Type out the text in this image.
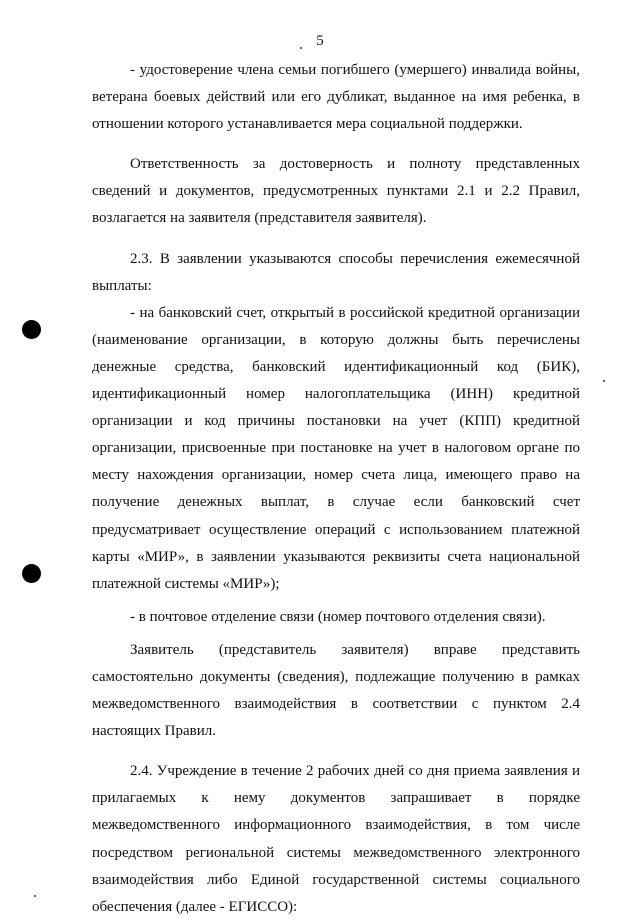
5

- удостоверение члена семьи погибшего (умершего) инвалида войны, ветерана боевых действий или его дубликат, выданное на имя ребенка, в отношении которого устанавливается мера социальной поддержки.

Ответственность за достоверность и полноту представленных сведений и документов, предусмотренных пунктами 2.1 и 2.2 Правил, возлагается на заявителя (представителя заявителя).

2.3. В заявлении указываются способы перечисления ежемесячной выплаты:

- на банковский счет, открытый в российской кредитной организации (наименование организации, в которую должны быть перечислены денежные средства, банковский идентификационный код (БИК), идентификационный номер налогоплательщика (ИНН) кредитной организации и код причины постановки на учет (КПП) кредитной организации, присвоенные при постановке на учет в налоговом органе по месту нахождения организации, номер счета лица, имеющего право на получение денежных выплат, в случае если банковский счет предусматривает осуществление операций с использованием платежной карты «МИР», в заявлении указываются реквизиты счета национальной платежной системы «МИР»);

- в почтовое отделение связи (номер почтового отделения связи).

Заявитель (представитель заявителя) вправе представить самостоятельно документы (сведения), подлежащие получению в рамках межведомственного взаимодействия в соответствии с пунктом 2.4 настоящих Правил.

2.4. Учреждение в течение 2 рабочих дней со дня приема заявления и прилагаемых к нему документов запрашивает в порядке межведомственного информационного взаимодействия, в том числе посредством региональной системы межведомственного электронного взаимодействия либо Единой государственной системы социального обеспечения (далее - ЕГИССО):
